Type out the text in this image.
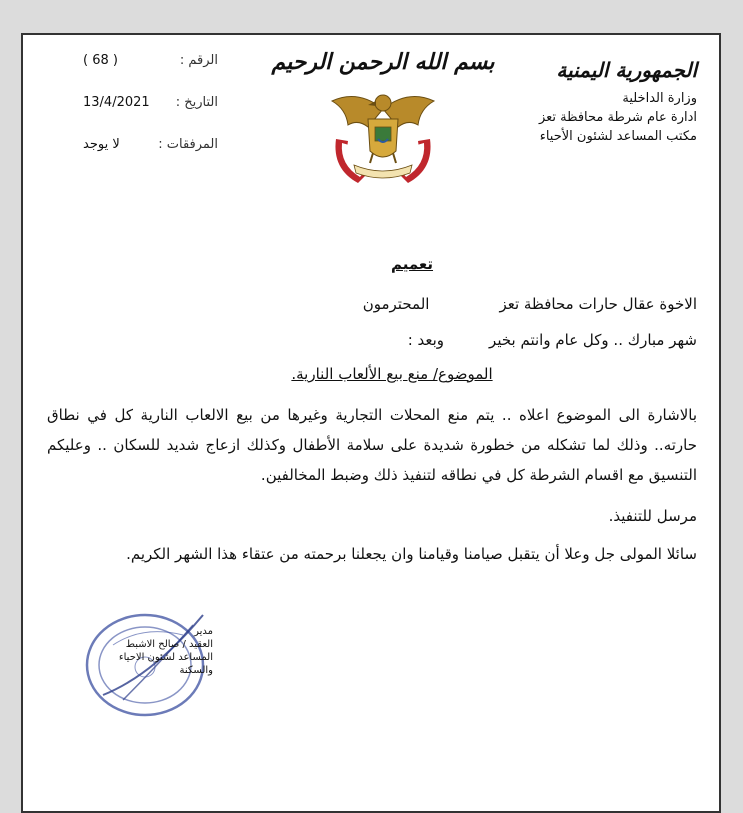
الجمهورية اليمنية
وزارة الداخلية
ادارة عام شرطة محافظة تعز
مكتب المساعد لشئون الأحياء
بسم الله الرحمن الرحيم
الرقم :
( 68 )
التاريخ :
13/4/2021
المرفقات :
لا يوجد
تعميم
الاخوة عقال حارات محافظة تعز
المحترمون
شهر مبارك .. وكل عام وانتم بخير
وبعد :
الموضوع/ منع بيع الألعاب النارية.
بالاشارة الى الموضوع اعلاه .. يتم منع المحلات التجارية وغيرها من بيع الالعاب النارية كل في نطاق حارته.. وذلك لما تشكله من خطورة شديدة على سلامة الأطفال وكذلك ازعاج شديد للسكان .. وعليكم التنسيق مع اقسام الشرطة كل في نطاقه لتنفيذ ذلك وضبط المخالفين.
مرسل للتنفيذ.
سائلا المولى جل وعلا أن يتقبل صيامنا وقيامنا وان يجعلنا برحمته من عتقاء هذا الشهر الكريم.
مدير
العقيد / صالح الاشبط
المساعد لشئون الاحياء والسكنة
